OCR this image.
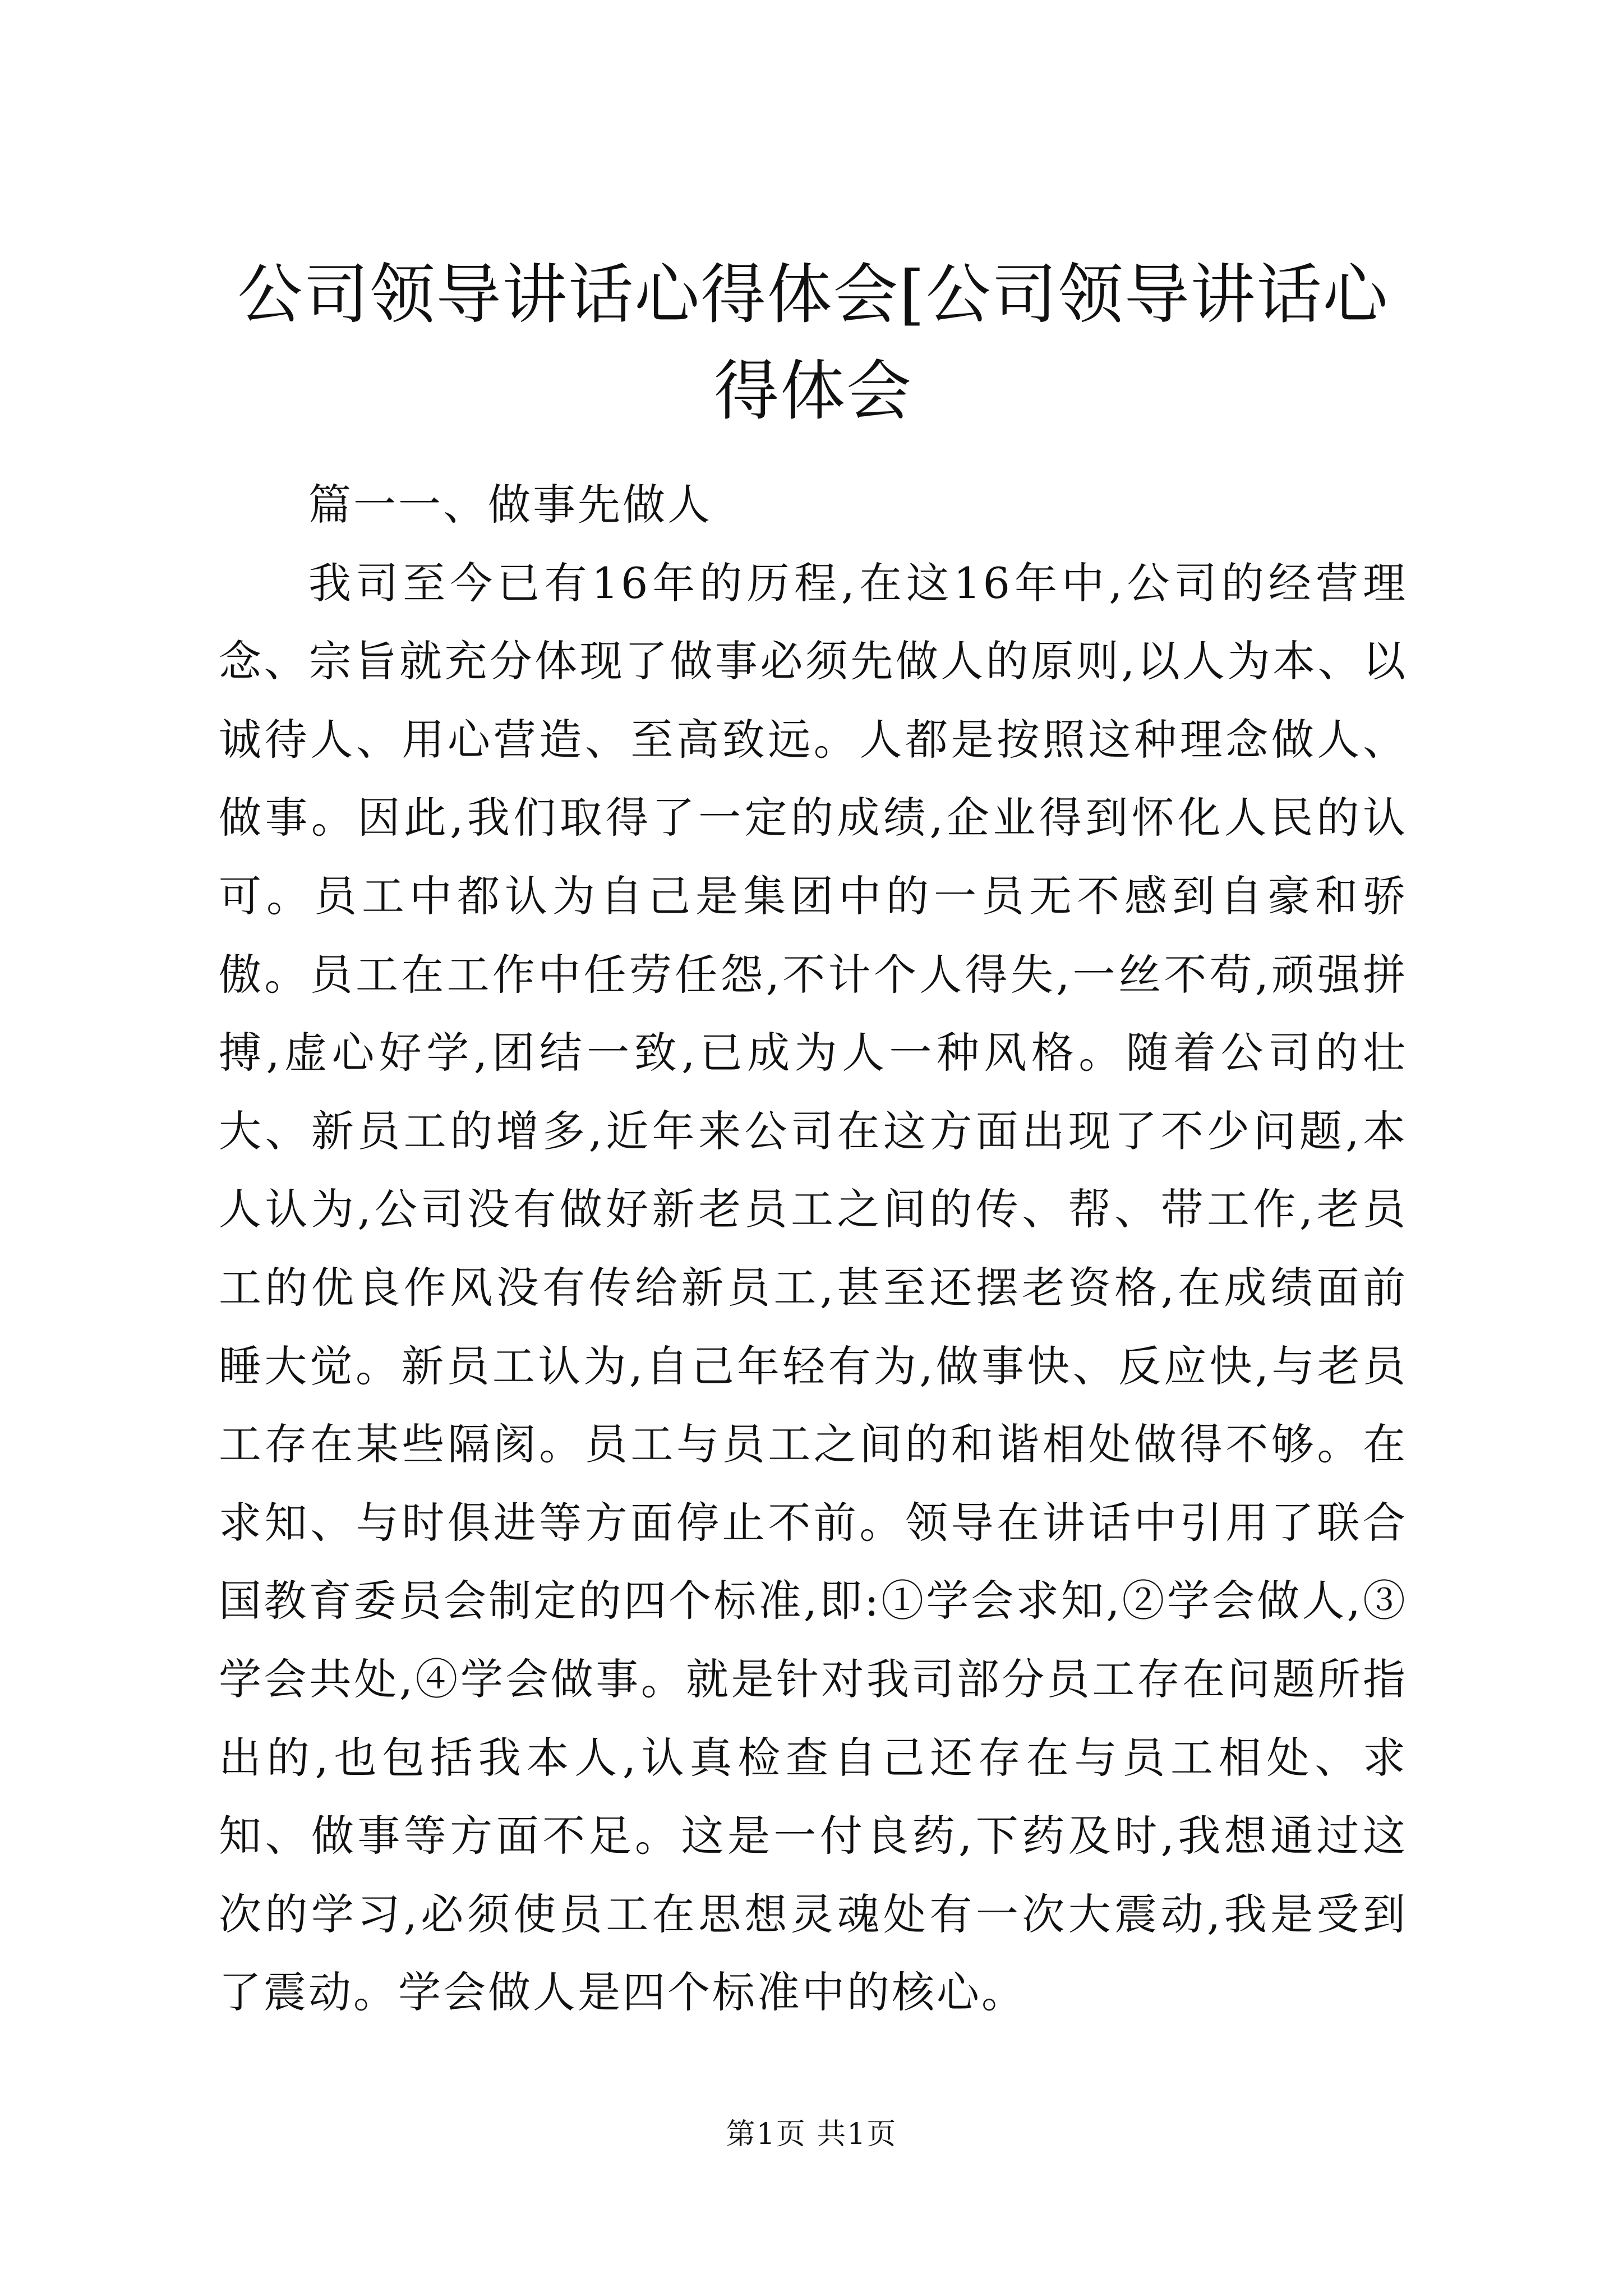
公司领导讲话心得体会[公司领导讲话心得体会

篇一一、做事先做人

我司至今已有16年的历程,在这16年中,公司的经营理念、宗旨就充分体现了做事必须先做人的原则,以人为本、以诚待人、用心营造、至高致远。人都是按照这种理念做人、做事。因此,我们取得了一定的成绩,企业得到怀化人民的认可。员工中都认为自己是集团中的一员无不感到自豪和骄傲。员工在工作中任劳任怨,不计个人得失,一丝不苟,顽强拼搏,虚心好学,团结一致,已成为人一种风格。随着公司的壮大、新员工的增多,近年来公司在这方面出现了不少问题,本人认为,公司没有做好新老员工之间的传、帮、带工作,老员工的优良作风没有传给新员工,甚至还摆老资格,在成绩面前睡大觉。新员工认为,自己年轻有为,做事快、反应快,与老员工存在某些隔阂。员工与员工之间的和谐相处做得不够。在求知、与时俱进等方面停止不前。领导在讲话中引用了联合国教育委员会制定的四个标准,即:①学会求知,②学会做人,③学会共处,④学会做事。就是针对我司部分员工存在问题所指出的,也包括我本人,认真检查自己还存在与员工相处、求知、做事等方面不足。这是一付良药,下药及时,我想通过这次的学习,必须使员工在思想灵魂处有一次大震动,我是受到了震动。学会做人是四个标准中的核心。

第1页 共1页
